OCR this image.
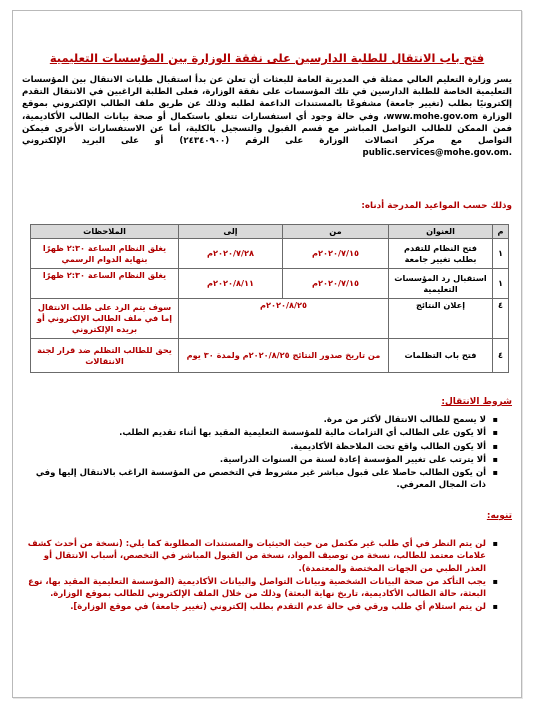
فتح باب الانتقال للطلبة الدارسين على نفقة الوزارة بين المؤسسات التعليمية
يسر وزارة التعليم العالي ممثلة في المديرية العامة للبعثات أن تعلن عن بدأ استقبال طلبات الانتقال بين المؤسسات التعليمية الخاصة للطلبة الدارسين في تلك المؤسسات على نفقة الوزارة، فعلى الطلبة الراغبين في الانتقال التقدم إلكترونيًا بطلب (تغيير جامعة) مشفوعًا بالمستندات الداعمة لطلبه وذلك عن طريق ملف الطالب الإلكتروني بموقع الوزارة www.mohe.gov.om، وفي حالة وجود أي استفسارات تتعلق باستكمال أو صحة بيانات الطالب الأكاديمية، فمن الممكن للطالب التواصل المباشر مع قسم القبول والتسجيل بالكلية، أما عن الاستفسارات الأخرى فيمكن التواصل مع مركز اتصالات الوزارة على الرقم (٢٤٣٤٠٩٠٠) أو على البريد الإلكتروني public.services@mohe.gov.om.
وذلك حسب المواعيد المدرجة أدناه:
م	العنوان	من	إلى	الملاحظات
١	فتح النظام للتقدم بطلب تغيير جامعة	٢٠٢٠/٧/١٥م	٢٠٢٠/٧/٢٨م	يغلق النظام الساعة ٢:٣٠ ظهرًا بنهاية الدوام الرسمي
١	استقبال رد المؤسسات التعليمية	٢٠٢٠/٧/١٥م	٢٠٢٠/٨/١١م	يغلق النظام الساعة ٢:٣٠ ظهرًا
٤	إعلان النتائج	٢٠٢٠/٨/٢٥م		سوف يتم الرد على طلب الانتقال إما في ملف الطالب الإلكتروني أو بريده الإلكتروني
٤	فتح باب التظلمات	من تاريخ صدور النتائج ٢٠٢٠/٨/٢٥م ولمدة ٣٠ يوم		يحق للطالب التظلم ضد قرار لجنة الانتقالات
شروط الانتقال:
▪ لا يسمح للطالب الانتقال لأكثر من مرة.
▪ ألا يكون على الطالب أي التزامات مالية للمؤسسة التعليمية المقيد بها أثناء تقديم الطلب.
▪ ألا يكون الطالب واقع تحت الملاحظة الأكاديمية.
▪ ألا يترتب على تغيير المؤسسة إعادة لسنة من السنوات الدراسية.
▪ أن يكون الطالب حاصلا على قبول مباشر غير مشروط في التخصص من المؤسسة الراغب بالانتقال إليها وفي ذات المجال المعرفي.
تنويه:
▪ لن يتم النظر في أي طلب غير مكتمل من حيث الحيثيات والمستندات المطلوبة كما يلي: (نسخة من أحدث كشف علامات معتمد للطالب، نسخة من توصيف المواد، نسخة من القبول المباشر في التخصص، أسباب الانتقال أو العذر الطبي من الجهات المختصة والمعتمدة).
▪ يجب التأكد من صحة البيانات الشخصية وبيانات التواصل والبيانات الأكاديمية (المؤسسة التعليمية المقيد بها، نوع البعثة، حالة الطالب الأكاديمية، تاريخ نهاية البعثة) وذلك من خلال الملف الإلكتروني للطالب بموقع الوزارة.
▪ لن يتم استلام أي طلب ورقي في حالة عدم التقدم بطلب إلكتروني (تغيير جامعة) في موقع الوزارة].
